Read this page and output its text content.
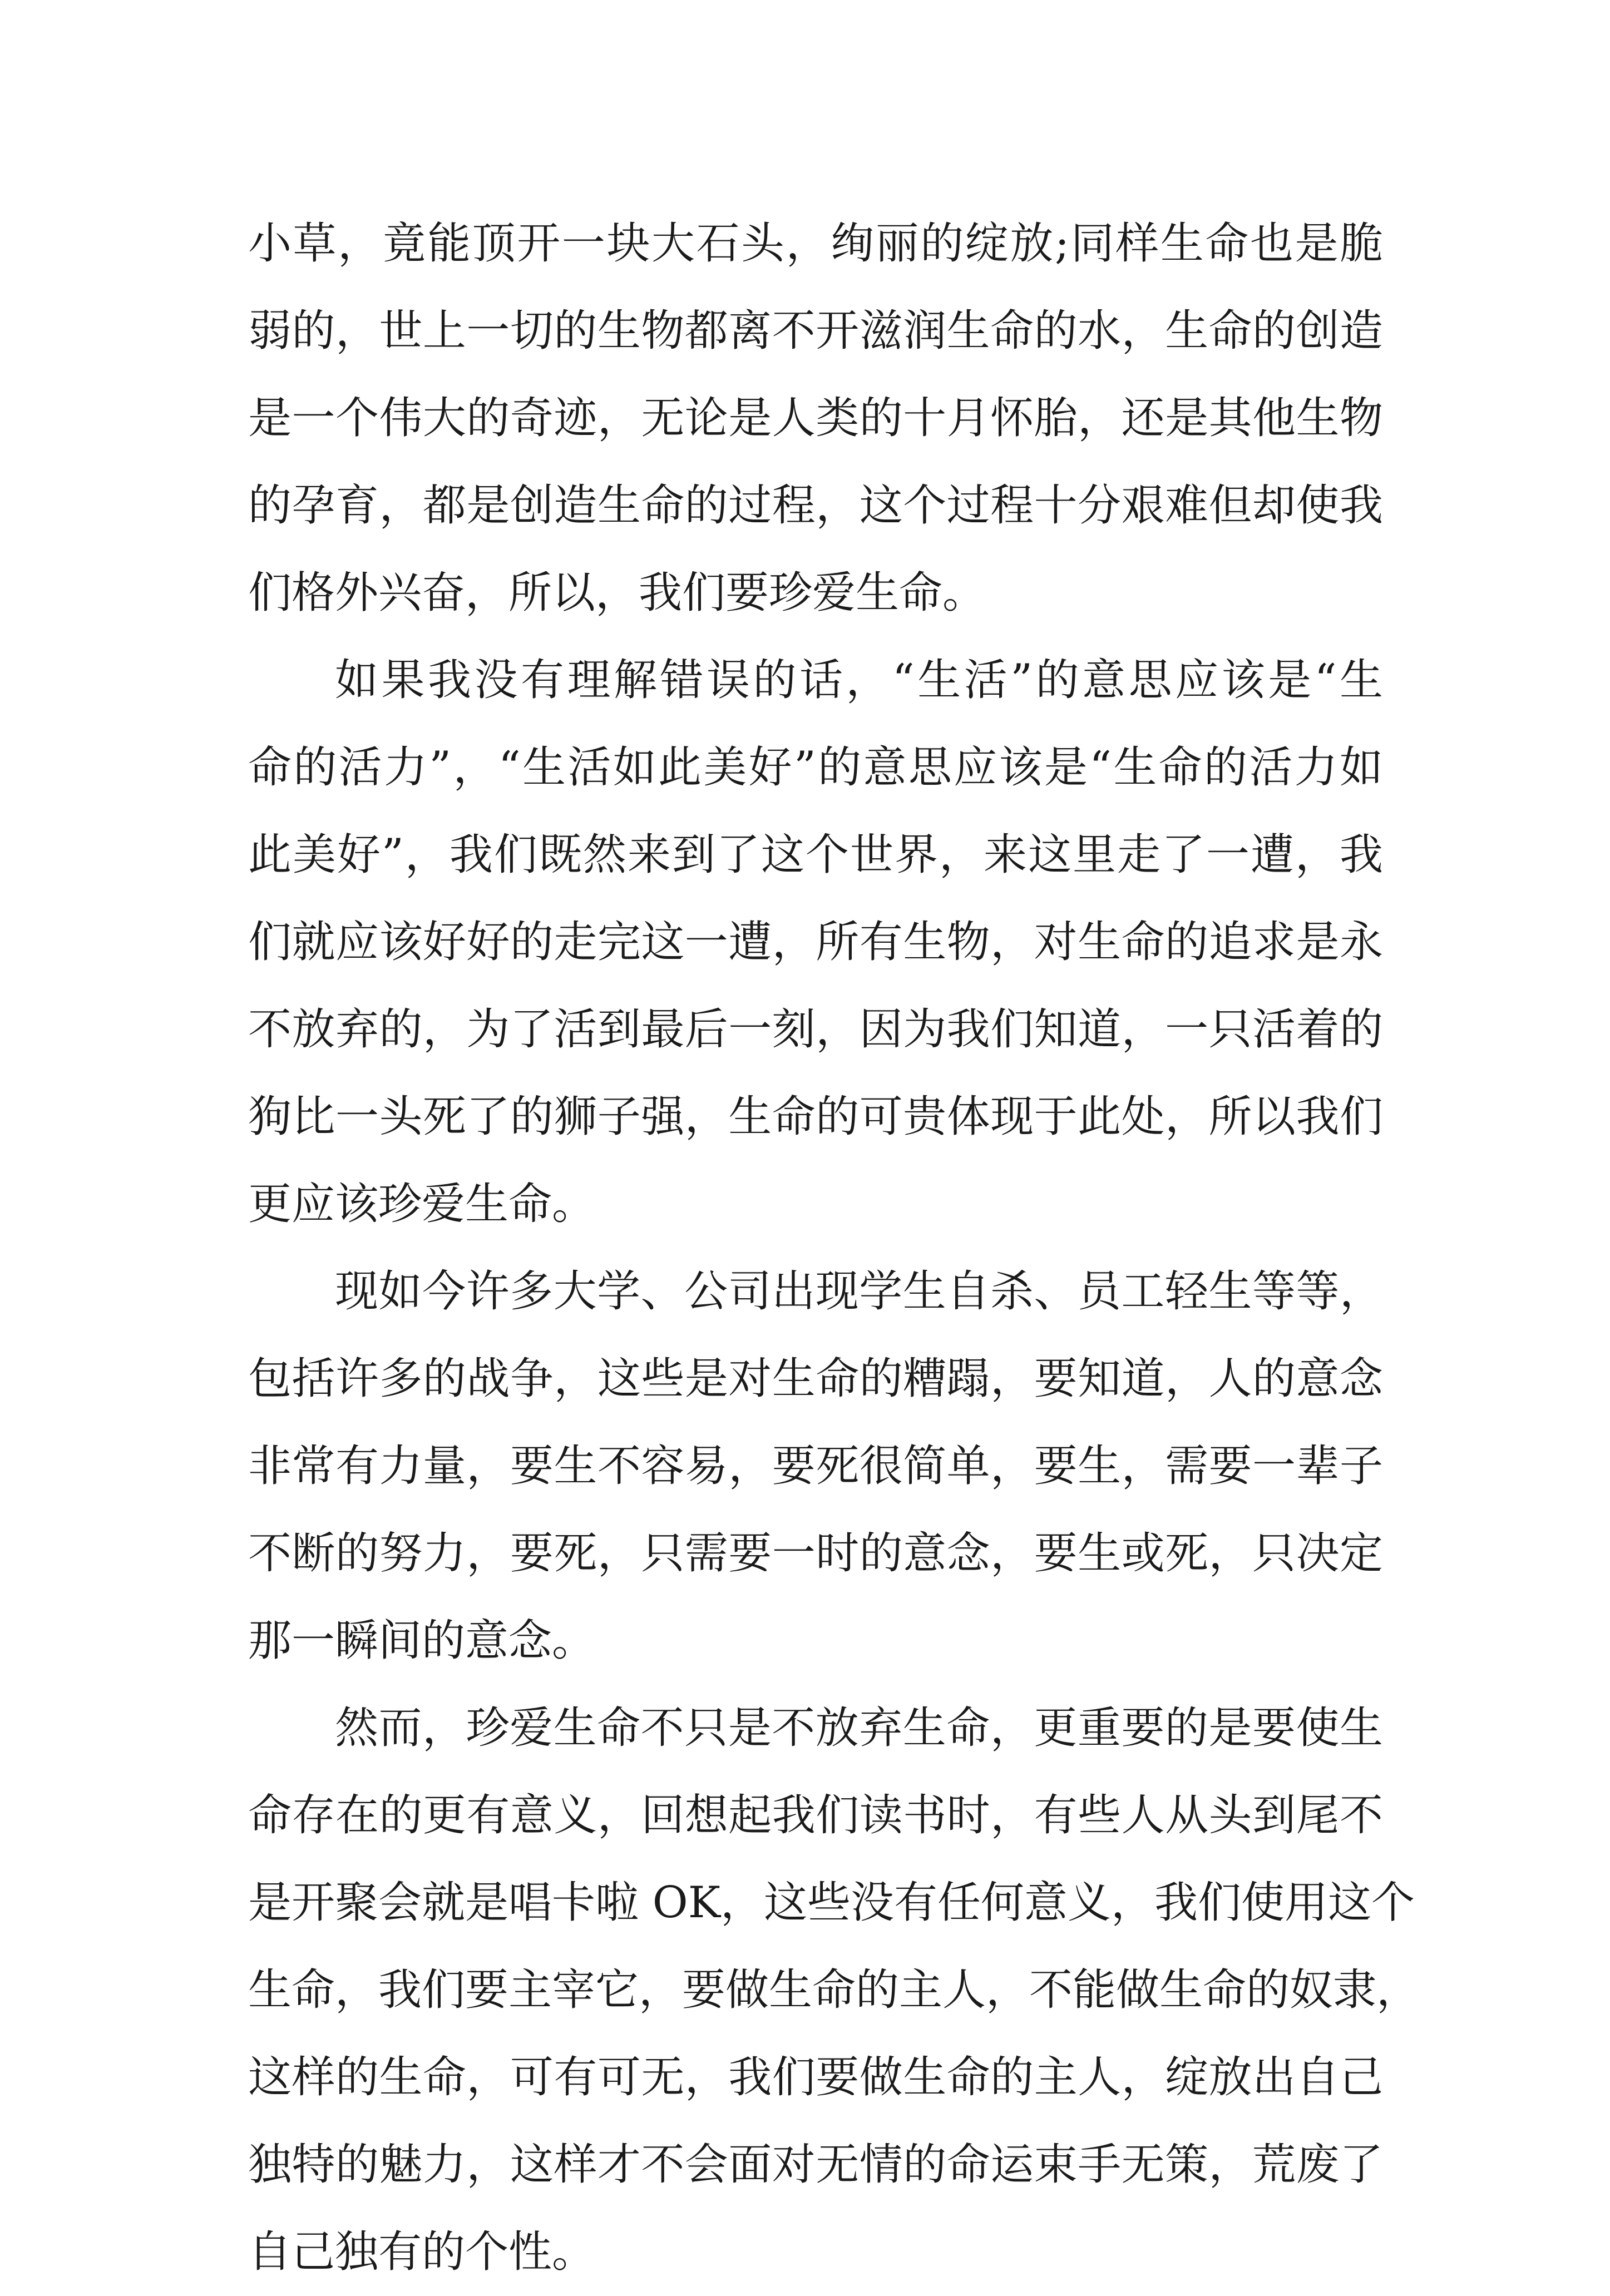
小草，竟能顶开一块大石头，绚丽的绽放;同样生命也是脆
弱的，世上一切的生物都离不开滋润生命的水，生命的创造
是一个伟大的奇迹，无论是人类的十月怀胎，还是其他生物
的孕育，都是创造生命的过程，这个过程十分艰难但却使我
们格外兴奋，所以，我们要珍爱生命。
如果我没有理解错误的话，“生活”的意思应该是“生
命的活力”，“生活如此美好”的意思应该是“生命的活力如
此美好”，我们既然来到了这个世界，来这里走了一遭，我
们就应该好好的走完这一遭，所有生物，对生命的追求是永
不放弃的，为了活到最后一刻，因为我们知道，一只活着的
狗比一头死了的狮子强，生命的可贵体现于此处，所以我们
更应该珍爱生命。
现如今许多大学、公司出现学生自杀、员工轻生等等，
包括许多的战争，这些是对生命的糟蹋，要知道，人的意念
非常有力量，要生不容易，要死很简单，要生，需要一辈子
不断的努力，要死，只需要一时的意念，要生或死，只决定
那一瞬间的意念。
然而，珍爱生命不只是不放弃生命，更重要的是要使生
命存在的更有意义，回想起我们读书时，有些人从头到尾不
是开聚会就是唱卡啦 OK，这些没有任何意义，我们使用这个
生命，我们要主宰它，要做生命的主人，不能做生命的奴隶，
这样的生命，可有可无，我们要做生命的主人，绽放出自己
独特的魅力，这样才不会面对无情的命运束手无策，荒废了
自己独有的个性。
